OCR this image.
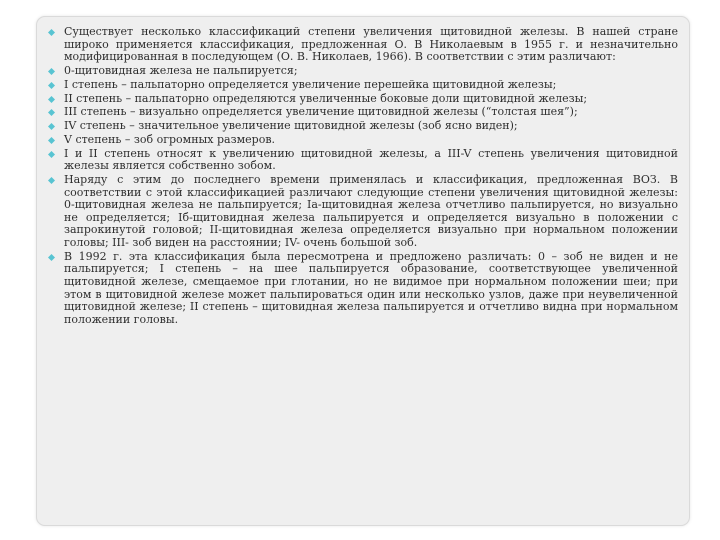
Существует несколько классификаций степени увеличения щитовидной железы. В нашей стране широко применяется классификация, предложенная О. В Николаевым в 1955 г. и незначительно модифицированная в последующем (О. В. Николаев, 1966). В соответствии с этим различают:
0-щитовидная железа не пальпируется;
I степень – пальпаторно определяется увеличение перешейка щитовидной железы;
II степень – пальпаторно определяются увеличенные боковые доли щитовидной железы;
III степень – визуально определяется увеличение щитовидной железы (“толстая шея”);
IV степень – значительное увеличение щитовидной железы (зоб ясно виден);
V степень – зоб огромных размеров.
I и II степень относят к увеличению щитовидной железы, а III-V степень увеличения щитовидной железы является собственно зобом.
Наряду с этим до последнего времени применялась и классификация, предложенная ВОЗ. В соответствии с этой классификацией различают следующие степени увеличения щитовидной железы: 0-щитовидная железа не пальпируется; Ia-щитовидная железа отчетливо пальпируется, но визуально не определяется; Iб-щитовидная железа пальпируется и определяется визуально в положении с запрокинутой головой; II-щитовидная железа определяется визуально при нормальном положении головы; III- зоб виден на расстоянии; IV- очень большой зоб.
В 1992 г. эта классификация была пересмотрена и предложено различать: 0 – зоб не виден и не пальпируется; I степень – на шее пальпируется образование, соответствующее увеличенной щитовидной железе, смещаемое при глотании, но не видимое при нормальном положении шеи; при этом в щитовидной железе может пальпироваться один или несколько узлов, даже при неувеличенной щитовидной железе; II степень – щитовидная железа пальпируется и отчетливо видна при нормальном положении головы.
